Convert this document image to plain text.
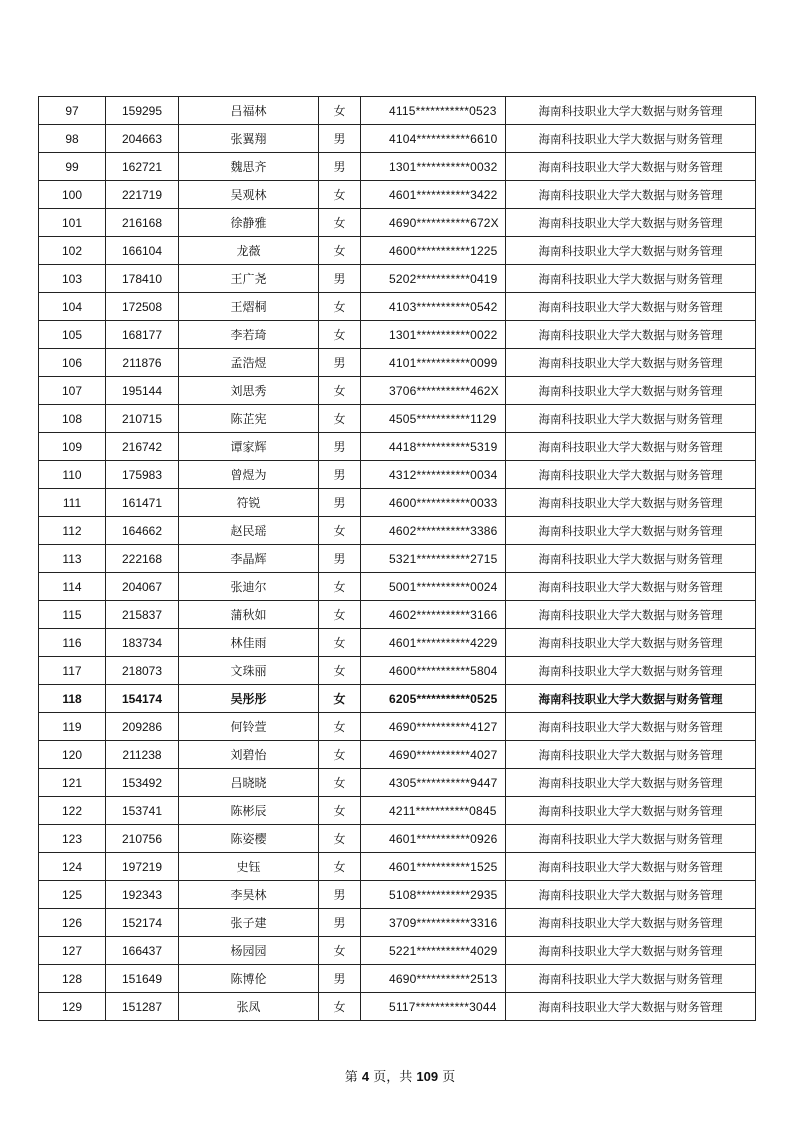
97	159295	吕福林	女	4115***********0523	海南科技职业大学大数据与财务管理
98	204663	张翼翔	男	4104***********6610	海南科技职业大学大数据与财务管理
99	162721	魏思齐	男	1301***********0032	海南科技职业大学大数据与财务管理
100	221719	吴观林	女	4601***********3422	海南科技职业大学大数据与财务管理
101	216168	徐静雅	女	4690***********672X	海南科技职业大学大数据与财务管理
102	166104	龙薇	女	4600***********1225	海南科技职业大学大数据与财务管理
103	178410	王广尧	男	5202***********0419	海南科技职业大学大数据与财务管理
104	172508	王熠桐	女	4103***********0542	海南科技职业大学大数据与财务管理
105	168177	李若琦	女	1301***********0022	海南科技职业大学大数据与财务管理
106	211876	孟浩煜	男	4101***********0099	海南科技职业大学大数据与财务管理
107	195144	刘思秀	女	3706***********462X	海南科技职业大学大数据与财务管理
108	210715	陈芷宪	女	4505***********1129	海南科技职业大学大数据与财务管理
109	216742	谭家辉	男	4418***********5319	海南科技职业大学大数据与财务管理
110	175983	曾煜为	男	4312***********0034	海南科技职业大学大数据与财务管理
111	161471	符锐	男	4600***********0033	海南科技职业大学大数据与财务管理
112	164662	赵民瑶	女	4602***********3386	海南科技职业大学大数据与财务管理
113	222168	李晶辉	男	5321***********2715	海南科技职业大学大数据与财务管理
114	204067	张迪尔	女	5001***********0024	海南科技职业大学大数据与财务管理
115	215837	蒲秋如	女	4602***********3166	海南科技职业大学大数据与财务管理
116	183734	林佳雨	女	4601***********4229	海南科技职业大学大数据与财务管理
117	218073	文珠丽	女	4600***********5804	海南科技职业大学大数据与财务管理
118	154174	吴彤彤	女	6205***********0525	海南科技职业大学大数据与财务管理
119	209286	何铃萱	女	4690***********4127	海南科技职业大学大数据与财务管理
120	211238	刘碧怡	女	4690***********4027	海南科技职业大学大数据与财务管理
121	153492	吕晓晓	女	4305***********9447	海南科技职业大学大数据与财务管理
122	153741	陈彬辰	女	4211***********0845	海南科技职业大学大数据与财务管理
123	210756	陈姿樱	女	4601***********0926	海南科技职业大学大数据与财务管理
124	197219	史钰	女	4601***********1525	海南科技职业大学大数据与财务管理
125	192343	李昊林	男	5108***********2935	海南科技职业大学大数据与财务管理
126	152174	张子建	男	3709***********3316	海南科技职业大学大数据与财务管理
127	166437	杨园园	女	5221***********4029	海南科技职业大学大数据与财务管理
128	151649	陈博伦	男	4690***********2513	海南科技职业大学大数据与财务管理
129	151287	张凤	女	5117***********3044	海南科技职业大学大数据与财务管理
第 4 页，共 109 页
